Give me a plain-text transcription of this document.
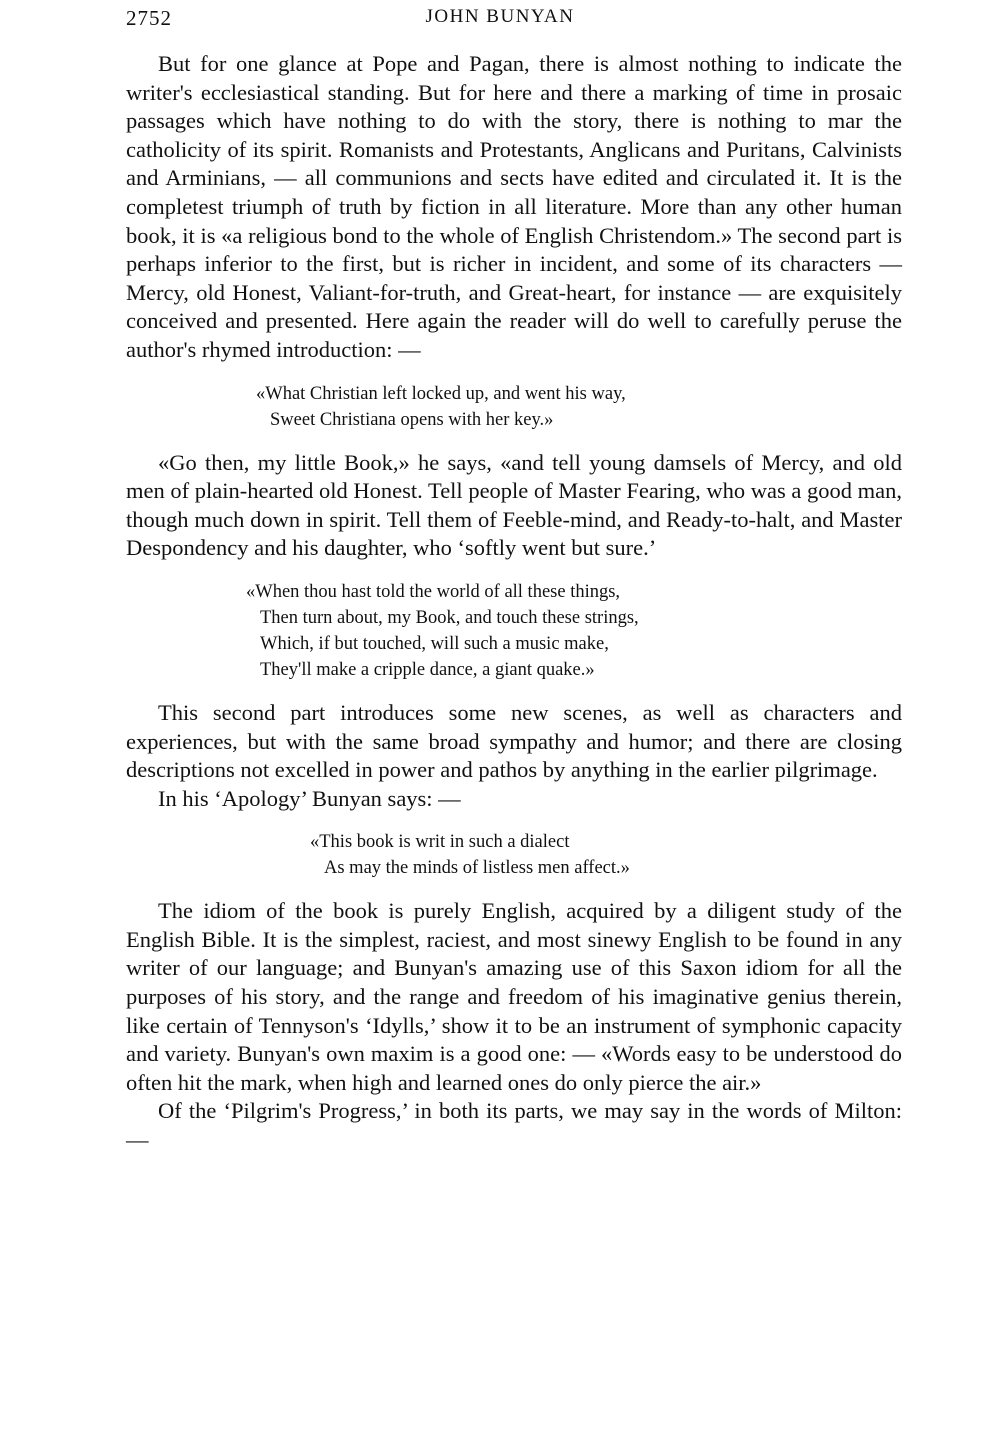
2752	JOHN BUNYAN

But for one glance at Pope and Pagan, there is almost nothing to indicate the writer's ecclesiastical standing. But for here and there a marking of time in prosaic passages which have nothing to do with the story, there is nothing to mar the catholicity of its spirit. Romanists and Protestants, Anglicans and Puritans, Calvinists and Arminians, — all communions and sects have edited and circulated it. It is the completest triumph of truth by fiction in all literature. More than any other human book, it is «a religious bond to the whole of English Christendom.» The second part is perhaps inferior to the first, but is richer in incident, and some of its characters — Mercy, old Honest, Valiant-for-truth, and Great-heart, for instance — are exquisitely conceived and presented. Here again the reader will do well to carefully peruse the author's rhymed introduction: —

«What Christian left locked up, and went his way,
Sweet Christiana opens with her key.»

«Go then, my little Book,» he says, «and tell young damsels of Mercy, and old men of plain-hearted old Honest. Tell people of Master Fearing, who was a good man, though much down in spirit. Tell them of Feeble-mind, and Ready-to-halt, and Master Despondency and his daughter, who ‘softly went but sure.’

«When thou hast told the world of all these things,
Then turn about, my Book, and touch these strings,
Which, if but touched, will such a music make,
They'll make a cripple dance, a giant quake.»

This second part introduces some new scenes, as well as characters and experiences, but with the same broad sympathy and humor; and there are closing descriptions not excelled in power and pathos by anything in the earlier pilgrimage.

In his ‘Apology’ Bunyan says: —

«This book is writ in such a dialect
As may the minds of listless men affect.»

The idiom of the book is purely English, acquired by a diligent study of the English Bible. It is the simplest, raciest, and most sinewy English to be found in any writer of our language; and Bunyan's amazing use of this Saxon idiom for all the purposes of his story, and the range and freedom of his imaginative genius therein, like certain of Tennyson's ‘Idylls,’ show it to be an instrument of symphonic capacity and variety. Bunyan's own maxim is a good one: — «Words easy to be understood do often hit the mark, when high and learned ones do only pierce the air.»

Of the ‘Pilgrim's Progress,’ in both its parts, we may say in the words of Milton: —
